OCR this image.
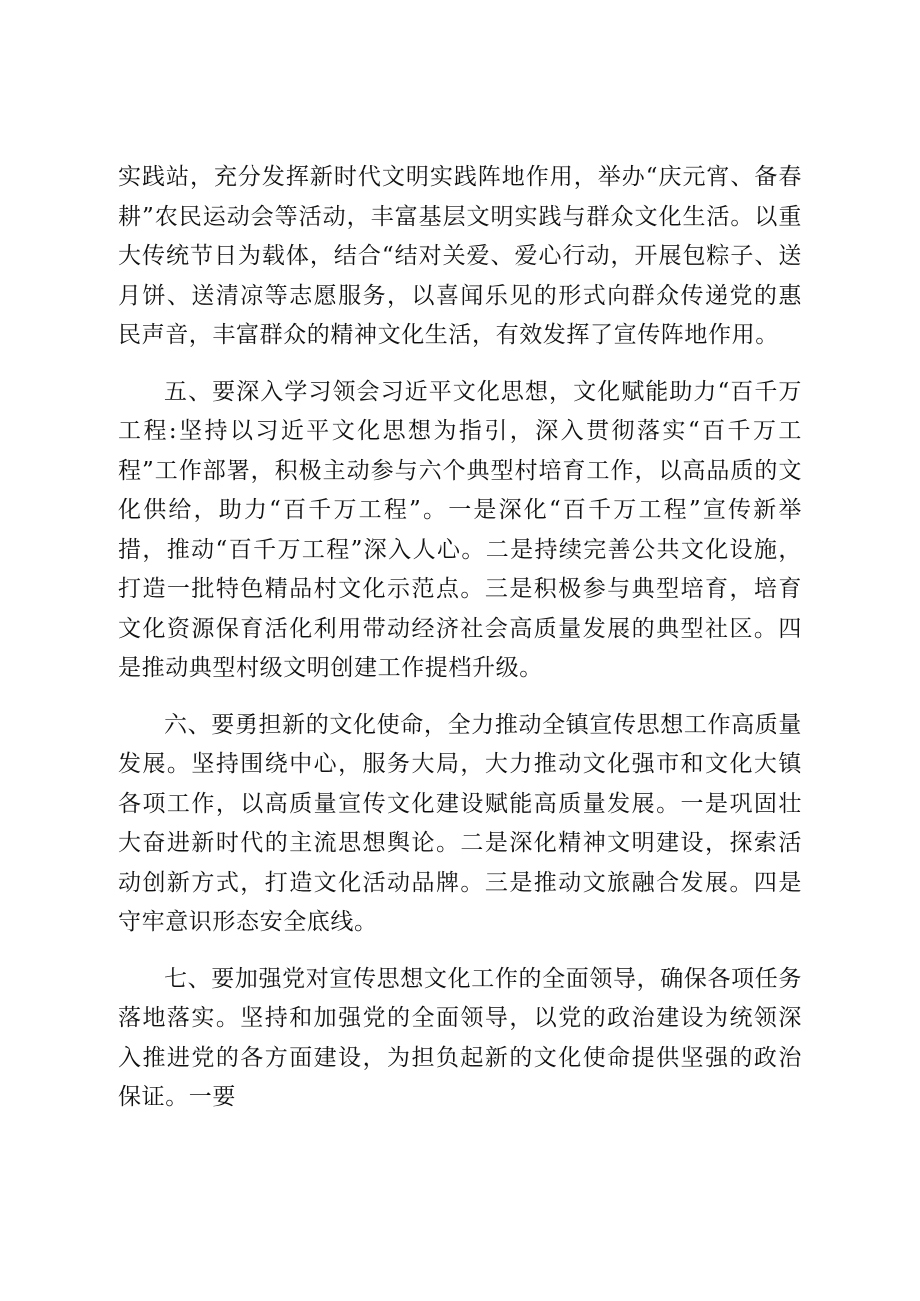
实践站，充分发挥新时代文明实践阵地作用，举办“庆元宵、备春耕”农民运动会等活动，丰富基层文明实践与群众文化生活。以重大传统节日为载体，结合“结对关爱、爱心行动，开展包粽子、送月饼、送清凉等志愿服务，以喜闻乐见的形式向群众传递党的惠民声音，丰富群众的精神文化生活，有效发挥了宣传阵地作用。

五、要深入学习领会习近平文化思想，文化赋能助力“百千万工程:坚持以习近平文化思想为指引，深入贯彻落实“百千万工程”工作部署，积极主动参与六个典型村培育工作，以高品质的文化供给，助力“百千万工程”。一是深化“百千万工程”宣传新举措，推动“百千万工程”深入人心。二是持续完善公共文化设施，打造一批特色精品村文化示范点。三是积极参与典型培育，培育文化资源保育活化利用带动经济社会高质量发展的典型社区。四是推动典型村级文明创建工作提档升级。

六、要勇担新的文化使命，全力推动全镇宣传思想工作高质量发展。坚持围绕中心，服务大局，大力推动文化强市和文化大镇各项工作，以高质量宣传文化建设赋能高质量发展。一是巩固壮大奋进新时代的主流思想舆论。二是深化精神文明建设，探索活动创新方式，打造文化活动品牌。三是推动文旅融合发展。四是守牢意识形态安全底线。

七、要加强党对宣传思想文化工作的全面领导，确保各项任务落地落实。坚持和加强党的全面领导，以党的政治建设为统领深入推进党的各方面建设，为担负起新的文化使命提供坚强的政治保证。一要
